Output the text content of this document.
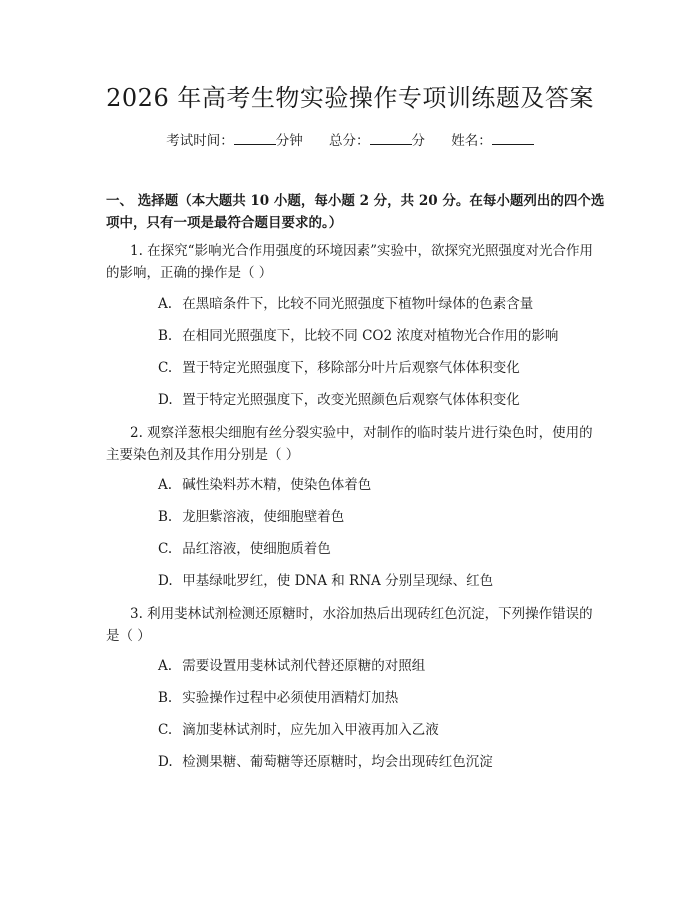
2026 年高考生物实验操作专项训练题及答案
考试时间：	分钟 总分：	分 姓名：
一、 选择题（本大题共 10 小题，每小题 2 分，共 20 分。在每小题列出的四个选项中，只有一项是最符合题目要求的。）
1. 在探究“影响光合作用强度的环境因素”实验中，欲探究光照强度对光合作用的影响，正确的操作是（ ）
A. 在黑暗条件下，比较不同光照强度下植物叶绿体的色素含量
B. 在相同光照强度下，比较不同 CO2 浓度对植物光合作用的影响
C. 置于特定光照强度下，移除部分叶片后观察气体体积变化
D. 置于特定光照强度下，改变光照颜色后观察气体体积变化
2. 观察洋葱根尖细胞有丝分裂实验中，对制作的临时装片进行染色时，使用的主要染色剂及其作用分别是（ ）
A. 碱性染料苏木精，使染色体着色
B. 龙胆紫溶液，使细胞壁着色
C. 品红溶液，使细胞质着色
D. 甲基绿吡罗红，使 DNA 和 RNA 分别呈现绿、红色
3. 利用斐林试剂检测还原糖时，水浴加热后出现砖红色沉淀，下列操作错误的是（ ）
A. 需要设置用斐林试剂代替还原糖的对照组
B. 实验操作过程中必须使用酒精灯加热
C. 滴加斐林试剂时，应先加入甲液再加入乙液
D. 检测果糖、葡萄糖等还原糖时，均会出现砖红色沉淀
